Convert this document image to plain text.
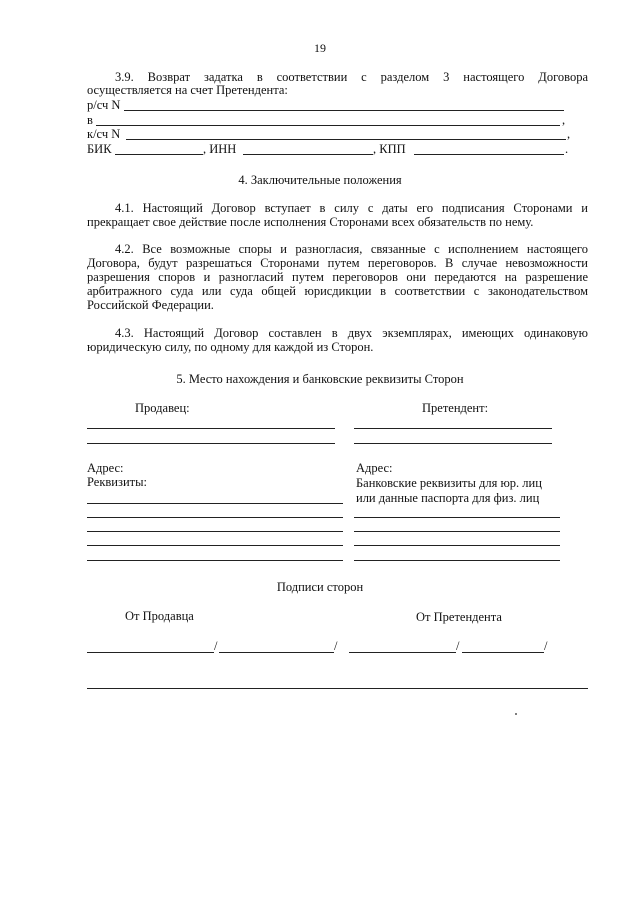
19
3.9. Возврат задатка в соответствии с разделом 3 настоящего Договора
осуществляется на счет Претендента:
р/сч N
в	,
к/сч N	,
БИК	, ИНН	, КПП	.
4. Заключительные положения
4.1. Настоящий Договор вступает в силу с даты его подписания Сторонами и
прекращает свое действие после исполнения Сторонами всех обязательств по нему.
4.2. Все возможные споры и разногласия, связанные с исполнением настоящего
Договора, будут разрешаться Сторонами путем переговоров. В случае невозможности
разрешения споров и разногласий путем переговоров они передаются на разрешение
арбитражного суда или суда общей юрисдикции в соответствии с законодательством
Российской Федерации.
4.3. Настоящий Договор составлен в двух экземплярах, имеющих одинаковую
юридическую силу, по одному для каждой из Сторон.
5. Место нахождения и банковские реквизиты Сторон
Продавец:	Претендент:
Адрес:
Реквизиты:
Адрес:
Банковские реквизиты для юр. лиц
или данные паспорта для физ. лиц
Подписи сторон
От Продавца	От Претендента
/	/	/	/
